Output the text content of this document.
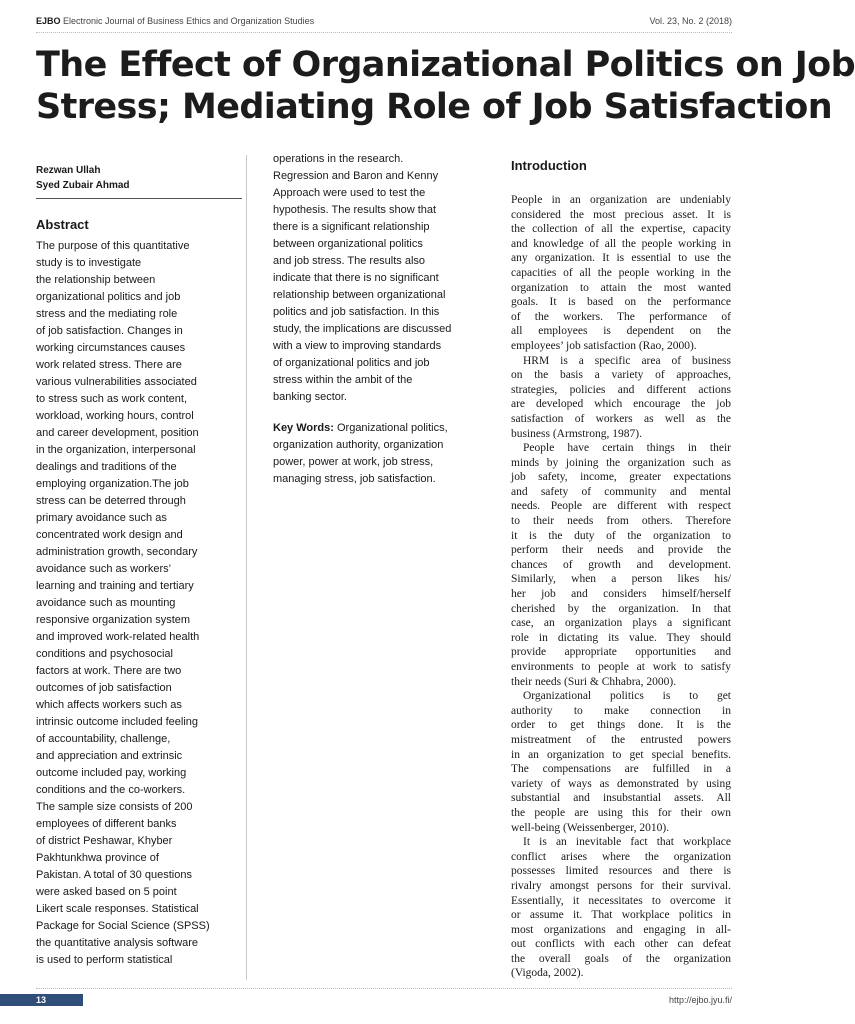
EJBO Electronic Journal of Business Ethics and Organization Studies	Vol. 23, No. 2 (2018)
The Effect of Organizational Politics on Job
Stress; Mediating Role of Job Satisfaction
Rezwan Ullah
Syed Zubair Ahmad
Abstract
The purpose of this quantitative
study is to investigate
the relationship between
organizational politics and job
stress and the mediating role
of job satisfaction. Changes in
working circumstances causes
work related stress. There are
various vulnerabilities associated
to stress such as work content,
workload, working hours, control
and career development, position
in the organization, interpersonal
dealings and traditions of the
employing organization.The job
stress can be deterred through
primary avoidance such as
concentrated work design and
administration growth, secondary
avoidance such as workers’
learning and training and tertiary
avoidance such as mounting
responsive organization system
and improved work-related health
conditions and psychosocial
factors at work. There are two
outcomes of job satisfaction
which affects workers such as
intrinsic outcome included feeling
of accountability, challenge,
and appreciation and extrinsic
outcome included pay, working
conditions and the co-workers.
The sample size consists of 200
employees of different banks
of district Peshawar, Khyber
Pakhtunkhwa province of
Pakistan. A total of 30 questions
were asked based on 5 point
Likert scale responses. Statistical
Package for Social Science (SPSS)
the quantitative analysis software
is used to perform statistical
operations in the research.
Regression and Baron and Kenny
Approach were used to test the
hypothesis. The results show that
there is a significant relationship
between organizational politics
and job stress. The results also
indicate that there is no significant
relationship between organizational
politics and job satisfaction. In this
study, the implications are discussed
with a view to improving standards
of organizational politics and job
stress within the ambit of the
banking sector.
Key Words: Organizational politics,
organization authority, organization
power, power at work, job stress,
managing stress, job satisfaction.
Introduction

People in an organization are undeniably
considered the most precious asset. It is
the collection of all the expertise, capacity
and knowledge of all the people working in
any organization. It is essential to use the
capacities of all the people working in the
organization to attain the most wanted
goals. It is based on the performance
of the workers. The performance of
all employees is dependent on the
employees’ job satisfaction (Rao, 2000).

HRM is a specific area of business
on the basis a variety of approaches,
strategies, policies and different actions
are developed which encourage the job
satisfaction of workers as well as the
business (Armstrong, 1987).

People have certain things in their
minds by joining the organization such as
job safety, income, greater expectations
and safety of community and mental
needs. People are different with respect
to their needs from others. Therefore
it is the duty of the organization to
perform their needs and provide the
chances of growth and development.
Similarly, when a person likes his/
her job and considers himself/herself
cherished by the organization. In that
case, an organization plays a significant
role in dictating its value. They should
provide appropriate opportunities and
environments to people at work to satisfy
their needs (Suri & Chhabra, 2000).

Organizational politics is to get
authority to make connection in
order to get things done. It is the
mistreatment of the entrusted powers
in an organization to get special benefits.
The compensations are fulfilled in a
variety of ways as demonstrated by using
substantial and insubstantial assets. All
the people are using this for their own
well-being (Weissenberger, 2010).

It is an inevitable fact that workplace
conflict arises where the organization
possesses limited resources and there is
rivalry amongst persons for their survival.
Essentially, it necessitates to overcome it
or assume it. That workplace politics in
most organizations and engaging in all-
out conflicts with each other can defeat
the overall goals of the organization
(Vigoda, 2002).

13	http://ejbo.jyu.fi/
